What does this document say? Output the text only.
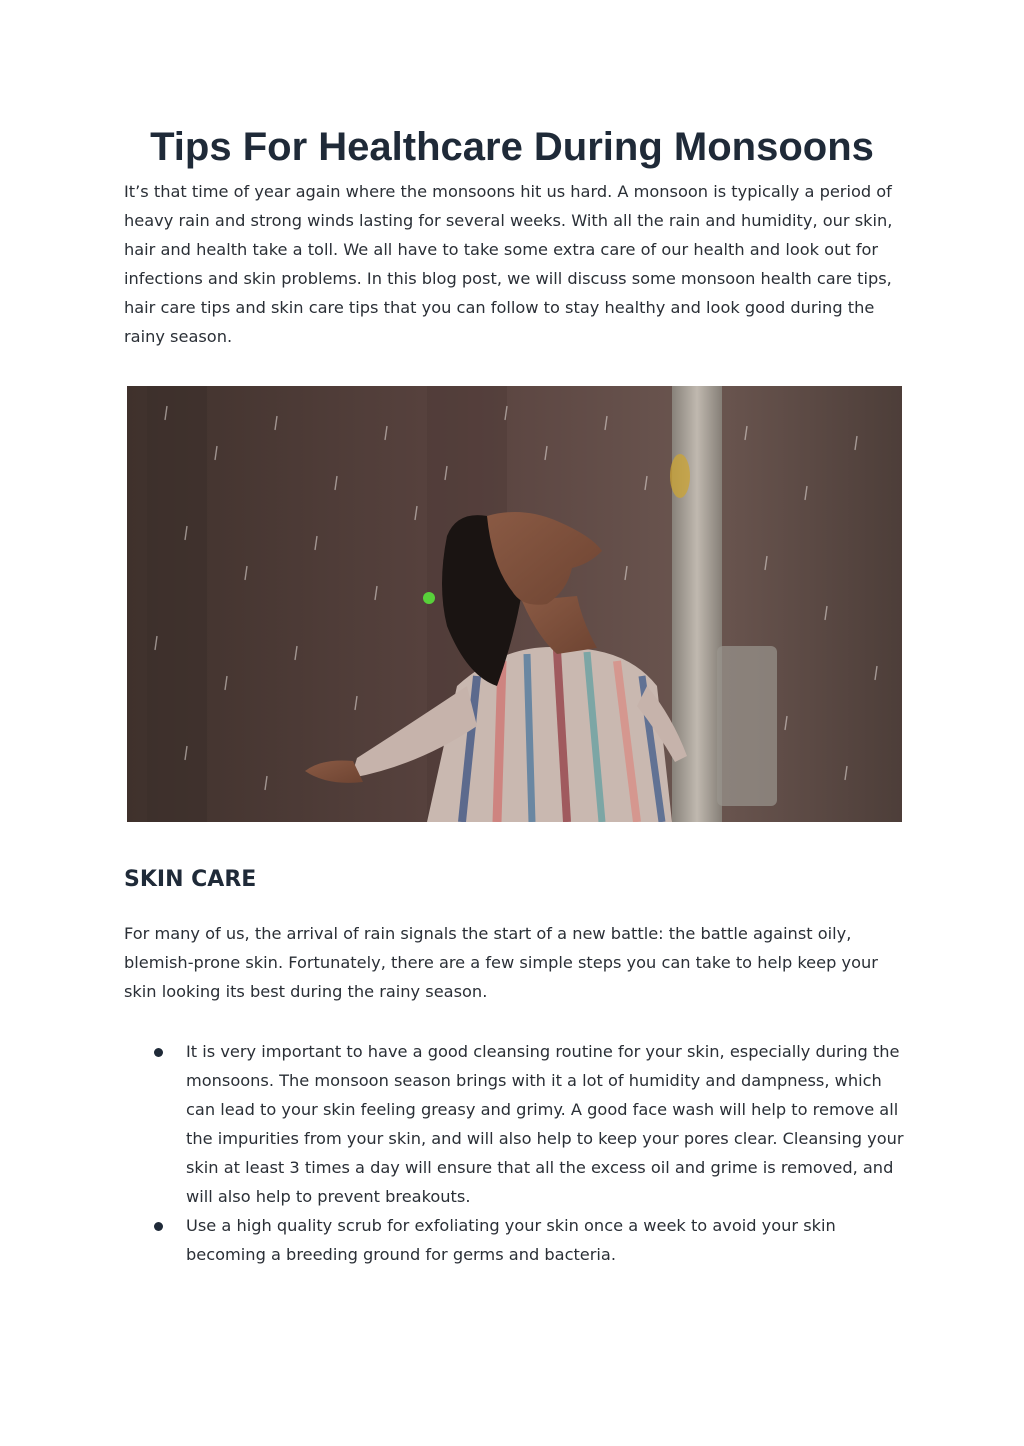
Tips For Healthcare During Monsoons

It’s that time of year again where the monsoons hit us hard. A monsoon is typically a period of heavy rain and strong winds lasting for several weeks. With all the rain and humidity, our skin, hair and health take a toll. We all have to take some extra care of our health and look out for infections and skin problems. In this blog post, we will discuss some monsoon health care tips, hair care tips and skin care tips that you can follow to stay healthy and look good during the rainy season.

SKIN CARE

For many of us, the arrival of rain signals the start of a new battle: the battle against oily, blemish-prone skin. Fortunately, there are a few simple steps you can take to help keep your skin looking its best during the rainy season.

It is very important to have a good cleansing routine for your skin, especially during the monsoons. The monsoon season brings with it a lot of humidity and dampness, which can lead to your skin feeling greasy and grimy. A good face wash will help to remove all the impurities from your skin, and will also help to keep your pores clear. Cleansing your skin at least 3 times a day will ensure that all the excess oil and grime is removed, and will also help to prevent breakouts.
Use a high quality scrub for exfoliating your skin once a week to avoid your skin becoming a breeding ground for germs and bacteria.
